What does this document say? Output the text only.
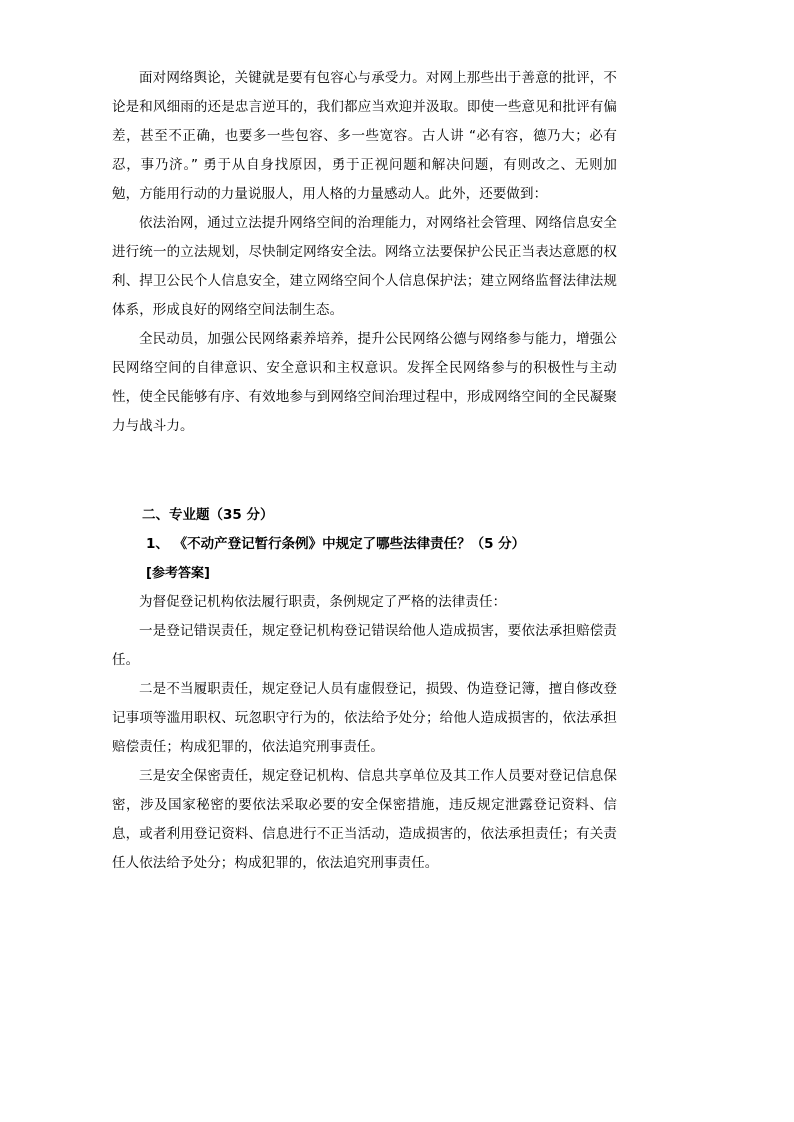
面对网络舆论，关键就是要有包容心与承受力。对网上那些出于善意的批评，不论是和风细雨的还是忠言逆耳的，我们都应当欢迎并汲取。即使一些意见和批评有偏差，甚至不正确，也要多一些包容、多一些宽容。古人讲 “必有容，德乃大；必有忍，事乃济。” 勇于从自身找原因，勇于正视问题和解决问题，有则改之、无则加勉，方能用行动的力量说服人，用人格的力量感动人。此外，还要做到：

依法治网，通过立法提升网络空间的治理能力，对网络社会管理、网络信息安全进行统一的立法规划，尽快制定网络安全法。网络立法要保护公民正当表达意愿的权利、捍卫公民个人信息安全，建立网络空间个人信息保护法；建立网络监督法律法规体系，形成良好的网络空间法制生态。

全民动员，加强公民网络素养培养，提升公民网络公德与网络参与能力，增强公民网络空间的自律意识、安全意识和主权意识。发挥全民网络参与的积极性与主动性，使全民能够有序、有效地参与到网络空间治理过程中，形成网络空间的全民凝聚力与战斗力。

二、专业题（35 分）

1、 《不动产登记暂行条例》中规定了哪些法律责任？（5 分）

[参考答案]

为督促登记机构依法履行职责，条例规定了严格的法律责任：

一是登记错误责任，规定登记机构登记错误给他人造成损害，要依法承担赔偿责任。

二是不当履职责任，规定登记人员有虚假登记，损毁、伪造登记簿，擅自修改登记事项等滥用职权、玩忽职守行为的，依法给予处分；给他人造成损害的，依法承担赔偿责任；构成犯罪的，依法追究刑事责任。

三是安全保密责任，规定登记机构、信息共享单位及其工作人员要对登记信息保密，涉及国家秘密的要依法采取必要的安全保密措施，违反规定泄露登记资料、信息，或者利用登记资料、信息进行不正当活动，造成损害的，依法承担责任；有关责任人依法给予处分；构成犯罪的，依法追究刑事责任。
